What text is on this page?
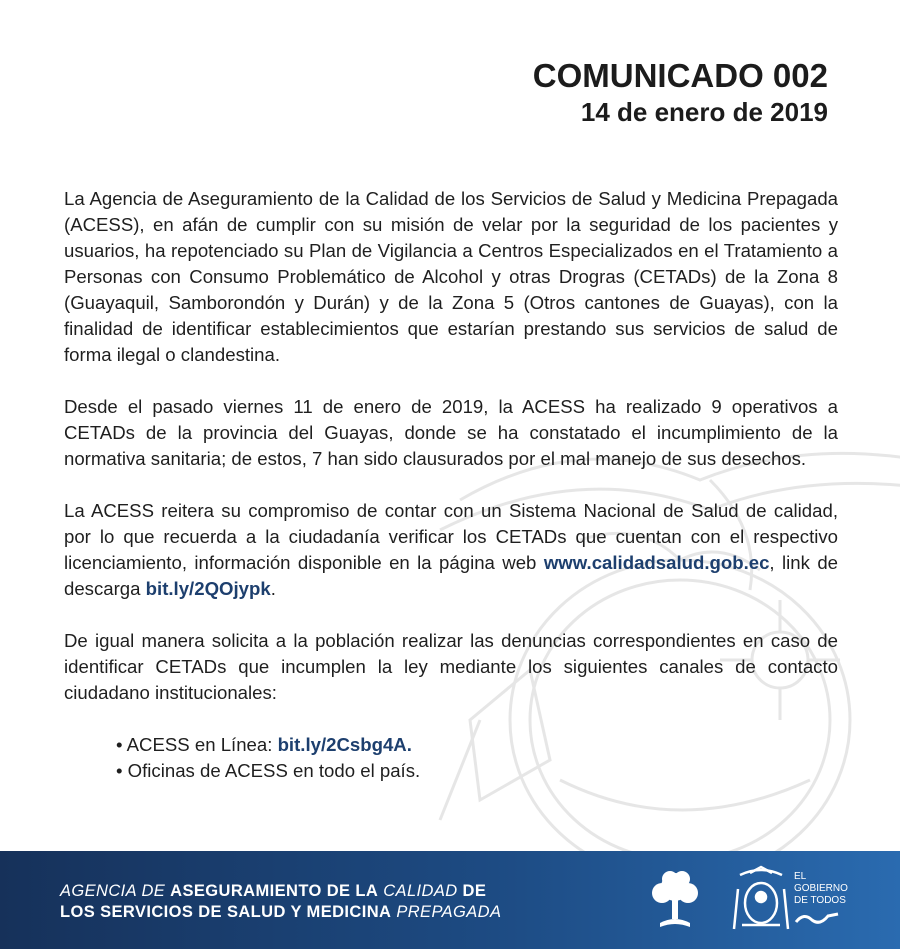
COMUNICADO 002
14 de enero de 2019

La Agencia de Aseguramiento de la Calidad de los Servicios de Salud y Medicina Prepagada (ACESS), en afán de cumplir con su misión de velar por la seguridad de los pacientes y usuarios, ha repotenciado su Plan de Vigilancia a Centros Especializados en el Tratamiento a Personas con Consumo Problemático de Alcohol y otras Drogras (CETADs) de la Zona 8 (Guayaquil, Samborondón y Durán) y de la Zona 5 (Otros cantones de Guayas), con la finalidad de identificar establecimientos que estarían prestando sus servicios de salud de forma ilegal o clandestina.

Desde el pasado viernes 11 de enero de 2019, la ACESS ha realizado 9 operativos a CETADs de la provincia del Guayas, donde se ha constatado el incumplimiento de la normativa sanitaria; de estos, 7 han sido clausurados por el mal manejo de sus desechos.

La ACESS reitera su compromiso de contar con un Sistema Nacional de Salud de calidad, por lo que recuerda a la ciudadanía verificar los CETADs que cuentan con el respectivo licenciamiento, información disponible en la página web www.calidadsalud.gob.ec, link de descarga bit.ly/2QOjypk.

De igual manera solicita a la población realizar las denuncias correspondientes en caso de identificar CETADs que incumplen la ley mediante los siguientes canales de contacto ciudadano institucionales:

• ACESS en Línea: bit.ly/2Csbg4A.
• Oficinas de ACESS en todo el país.
AGENCIA DE ASEGURAMIENTO DE LA CALIDAD DE
LOS SERVICIOS DE SALUD Y MEDICINA PREPAGADA
EL
GOBIERNO
DE TODOS
